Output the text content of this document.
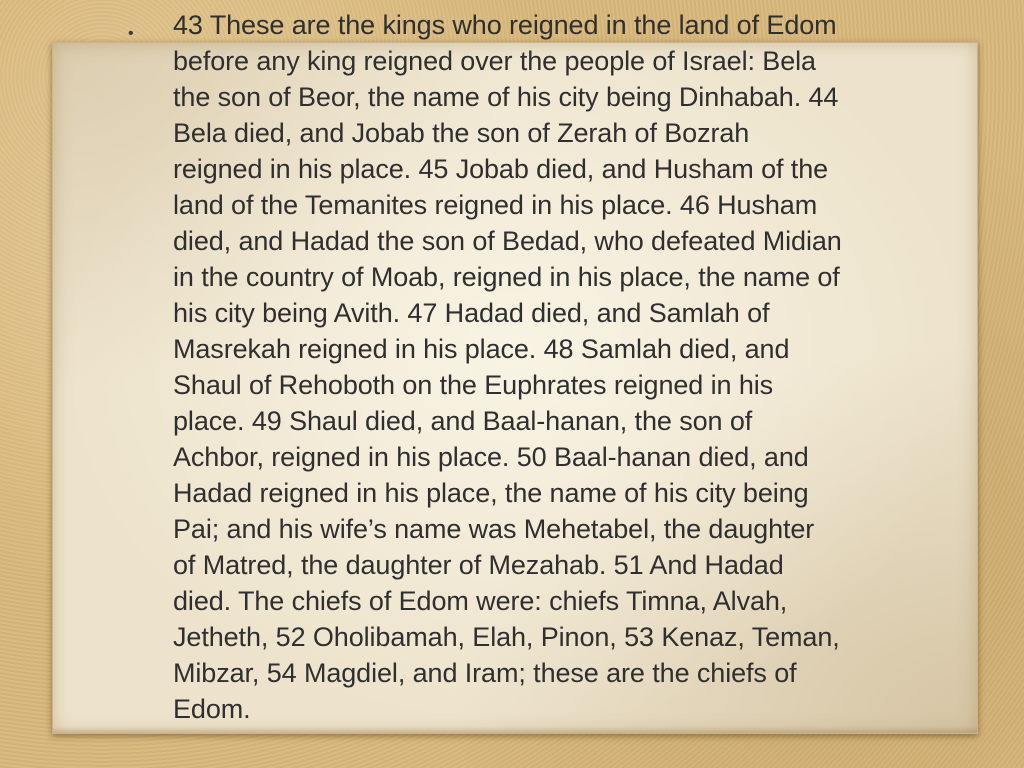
• 43 These are the kings who reigned in the land of Edom
before any king reigned over the people of Israel: Bela
the son of Beor, the name of his city being Dinhabah. 44
Bela died, and Jobab the son of Zerah of Bozrah
reigned in his place. 45 Jobab died, and Husham of the
land of the Temanites reigned in his place. 46 Husham
died, and Hadad the son of Bedad, who defeated Midian
in the country of Moab, reigned in his place, the name of
his city being Avith. 47 Hadad died, and Samlah of
Masrekah reigned in his place. 48 Samlah died, and
Shaul of Rehoboth on the Euphrates reigned in his
place. 49 Shaul died, and Baal-hanan, the son of
Achbor, reigned in his place. 50 Baal-hanan died, and
Hadad reigned in his place, the name of his city being
Pai; and his wife’s name was Mehetabel, the daughter
of Matred, the daughter of Mezahab. 51 And Hadad
died. The chiefs of Edom were: chiefs Timna, Alvah,
Jetheth, 52 Oholibamah, Elah, Pinon, 53 Kenaz, Teman,
Mibzar, 54 Magdiel, and Iram; these are the chiefs of
Edom.
